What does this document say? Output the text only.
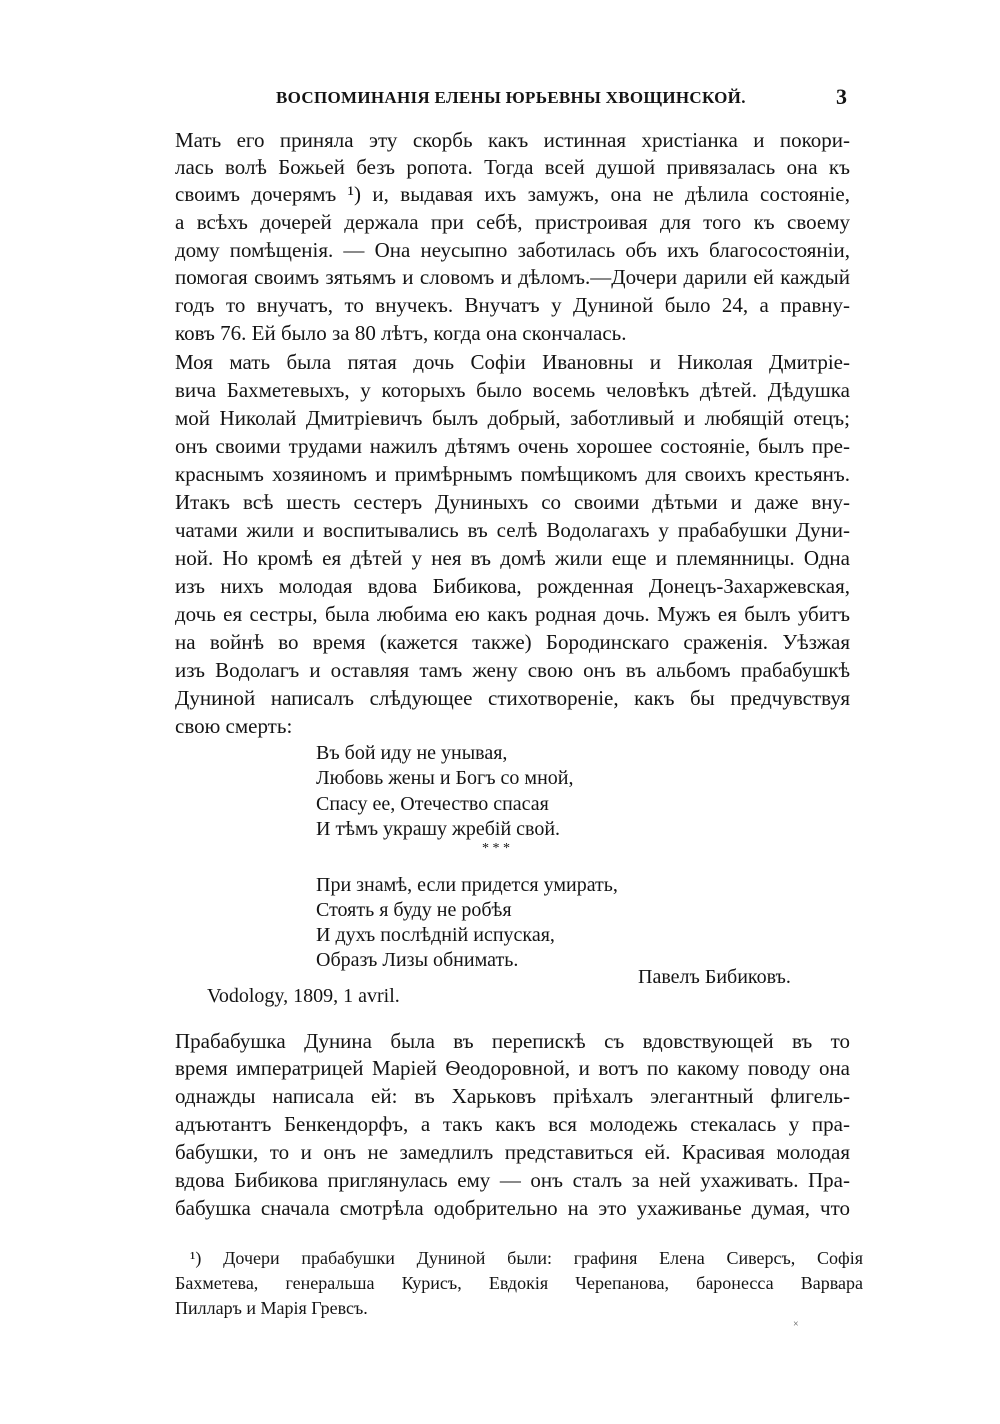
ВОСПОМИНАНІЯ ЕЛЕНЫ ЮРЬЕВНЫ ХВОЩИНСКОЙ.	3
Мать его приняла эту скорбь какъ истинная христіанка и покори-
лась волѣ Божьей безъ ропота. Тогда всей душой привязалась она къ
своимъ дочерямъ ¹) и, выдавая ихъ замужъ, она не дѣлила состояніе,
а всѣхъ дочерей держала при себѣ, пристроивая для того къ своему
дому помѣщенія. — Она неусыпно заботилась объ ихъ благосостояніи,
помогая своимъ зятьямъ и словомъ и дѣломъ.—Дочери дарили ей каждый
годъ то внучатъ, то внучекъ. Внучатъ у Дуниной было 24, а правну-
ковъ 76. Ей было за 80 лѣтъ, когда она скончалась.
Моя мать была пятая дочь Софіи Ивановны и Николая Дмитріе-
вича Бахметевыхъ, у которыхъ было восемь человѣкъ дѣтей. Дѣдушка
мой Николай Дмитріевичъ былъ добрый, заботливый и любящій отецъ;
онъ своими трудами нажилъ дѣтямъ очень хорошее состояніе, былъ пре-
краснымъ хозяиномъ и примѣрнымъ помѣщикомъ для своихъ крестьянъ.
Итакъ всѣ шесть сестеръ Дуниныхъ со своими дѣтьми и даже вну-
чатами жили и воспитывались въ селѣ Водолагахъ у прабабушки Дуни-
ной. Но кромѣ ея дѣтей у нея въ домѣ жили еще и племянницы. Одна
изъ нихъ молодая вдова Бибикова, рожденная Донецъ-Захаржевская,
дочь ея сестры, была любима ею какъ родная дочь. Мужъ ея былъ убитъ
на войнѣ во время (кажется также) Бородинскаго сраженія. Уѣзжая
изъ Водолагъ и оставляя тамъ жену свою онъ въ альбомъ прабабушкѣ
Дуниной написалъ слѣдующее стихотвореніе, какъ бы предчувствуя
свою смерть:
Въ бой иду не унывая,
Любовь жены и Богъ со мной,
Спасу ее, Отечество спасая
И тѣмъ украшу жребій свой.
* * *
При знамѣ, если придется умирать,
Стоять я буду не робѣя
И духъ послѣдній испуская,
Образъ Лизы обнимать.
Павелъ Бибиковъ.
Vodology, 1809, 1 avril.
Прабабушка Дунина была въ перепискѣ съ вдовствующей въ то
время императрицей Маріей Ѳеодоровной, и вотъ по какому поводу она
однажды написала ей: въ Харьковъ пріѣхалъ элегантный флигель-
адъютантъ Бенкендорфъ, а такъ какъ вся молодежь стекалась у пра-
бабушки, то и онъ не замедлилъ представиться ей. Красивая молодая
вдова Бибикова приглянулась ему — онъ сталъ за ней ухаживать. Пра-
бабушка сначала смотрѣла одобрительно на это ухаживанье думая, что
¹) Дочери прабабушки Дуниной были: графиня Елена Сиверсъ, Софія
Бахметева, генеральша Курисъ, Евдокія Черепанова, баронесса Варвара
Пилларъ и Марія Гревсъ.
×
